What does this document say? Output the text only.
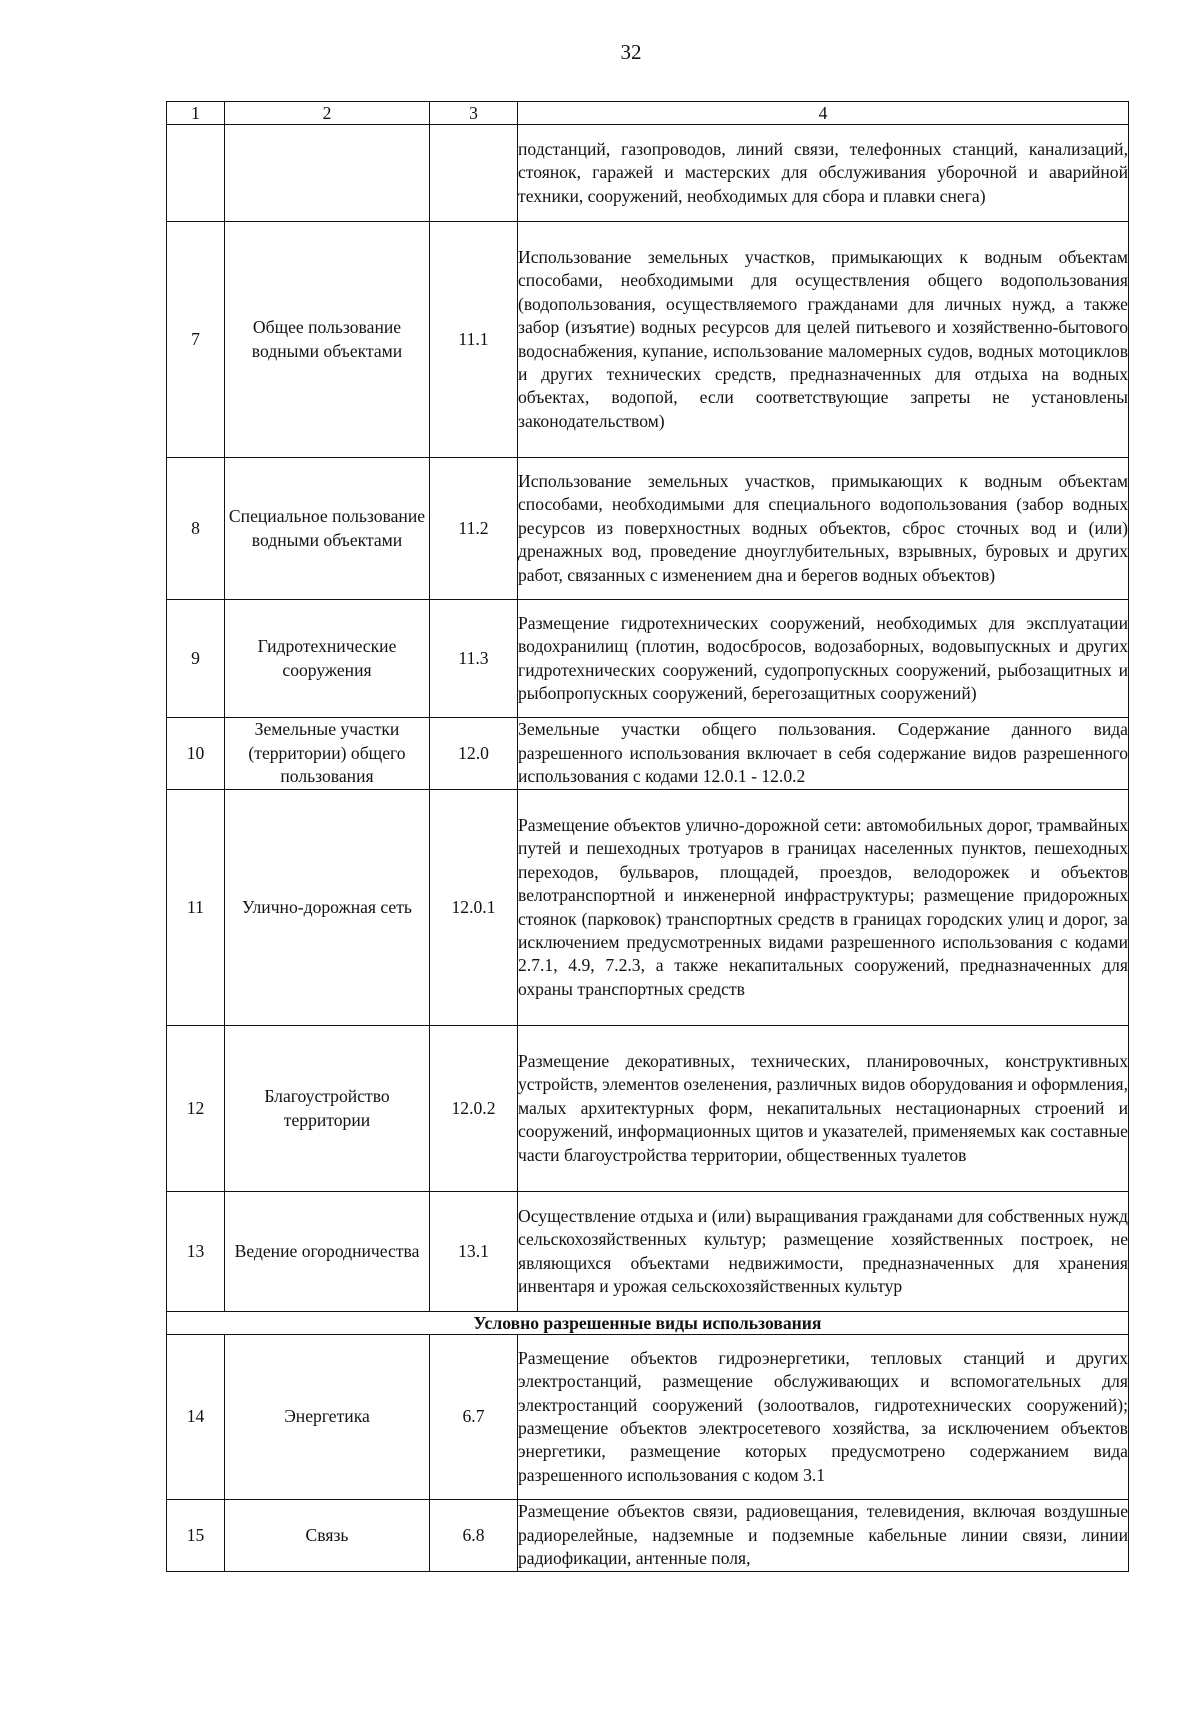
32
1	2	3	4
			подстанций, газопроводов, линий связи, телефонных станций, канализаций, стоянок, гаражей и мастерских для обслуживания уборочной и аварийной техники, сооружений, необходимых для сбора и плавки снега)
7	Общее пользование водными объектами	11.1	Использование земельных участков, примыкающих к водным объектам способами, необходимыми для осуществления общего водопользования (водопользования, осуществляемого гражданами для личных нужд, а также забор (изъятие) водных ресурсов для целей питьевого и хозяйственно-бытового водоснабжения, купание, использование маломерных судов, водных мотоциклов и других технических средств, предназначенных для отдыха на водных объектах, водопой, если соответствующие запреты не установлены законодательством)
8	Специальное пользование водными объектами	11.2	Использование земельных участков, примыкающих к водным объектам способами, необходимыми для специального водопользования (забор водных ресурсов из поверхностных водных объектов, сброс сточных вод и (или) дренажных вод, проведение дноуглубительных, взрывных, буровых и других работ, связанных с изменением дна и берегов водных объектов)
9	Гидротехнические сооружения	11.3	Размещение гидротехнических сооружений, необходимых для эксплуатации водохранилищ (плотин, водосбросов, водозаборных, водовыпускных и других гидротехнических сооружений, судопропускных сооружений, рыбозащитных и рыбопропускных сооружений, берегозащитных сооружений)
10	Земельные участки (территории) общего пользования	12.0	Земельные участки общего пользования. Содержание данного вида разрешенного использования включает в себя содержание видов разрешенного использования с кодами 12.0.1 - 12.0.2
11	Улично-дорожная сеть	12.0.1	Размещение объектов улично-дорожной сети: автомобильных дорог, трамвайных путей и пешеходных тротуаров в границах населенных пунктов, пешеходных переходов, бульваров, площадей, проездов, велодорожек и объектов велотранспортной и инженерной инфраструктуры; размещение придорожных стоянок (парковок) транспортных средств в границах городских улиц и дорог, за исключением предусмотренных видами разрешенного использования с кодами 2.7.1, 4.9, 7.2.3, а также некапитальных сооружений, предназначенных для охраны транспортных средств
12	Благоустройство территории	12.0.2	Размещение декоративных, технических, планировочных, конструктивных устройств, элементов озеленения, различных видов оборудования и оформления, малых архитектурных форм, некапитальных нестационарных строений и сооружений, информационных щитов и указателей, применяемых как составные части благоустройства территории, общественных туалетов
13	Ведение огородничества	13.1	Осуществление отдыха и (или) выращивания гражданами для собственных нужд сельскохозяйственных культур; размещение хозяйственных построек, не являющихся объектами недвижимости, предназначенных для хранения инвентаря и урожая сельскохозяйственных культур
Условно разрешенные виды использования			
14	Энергетика	6.7	Размещение объектов гидроэнергетики, тепловых станций и других электростанций, размещение обслуживающих и вспомогательных для электростанций сооружений (золоотвалов, гидротехнических сооружений); размещение объектов электросетевого хозяйства, за исключением объектов энергетики, размещение которых предусмотрено содержанием вида разрешенного использования с кодом 3.1
15	Связь	6.8	Размещение объектов связи, радиовещания, телевидения, включая воздушные радиорелейные, надземные и подземные кабельные линии связи, линии радиофикации, антенные поля,
